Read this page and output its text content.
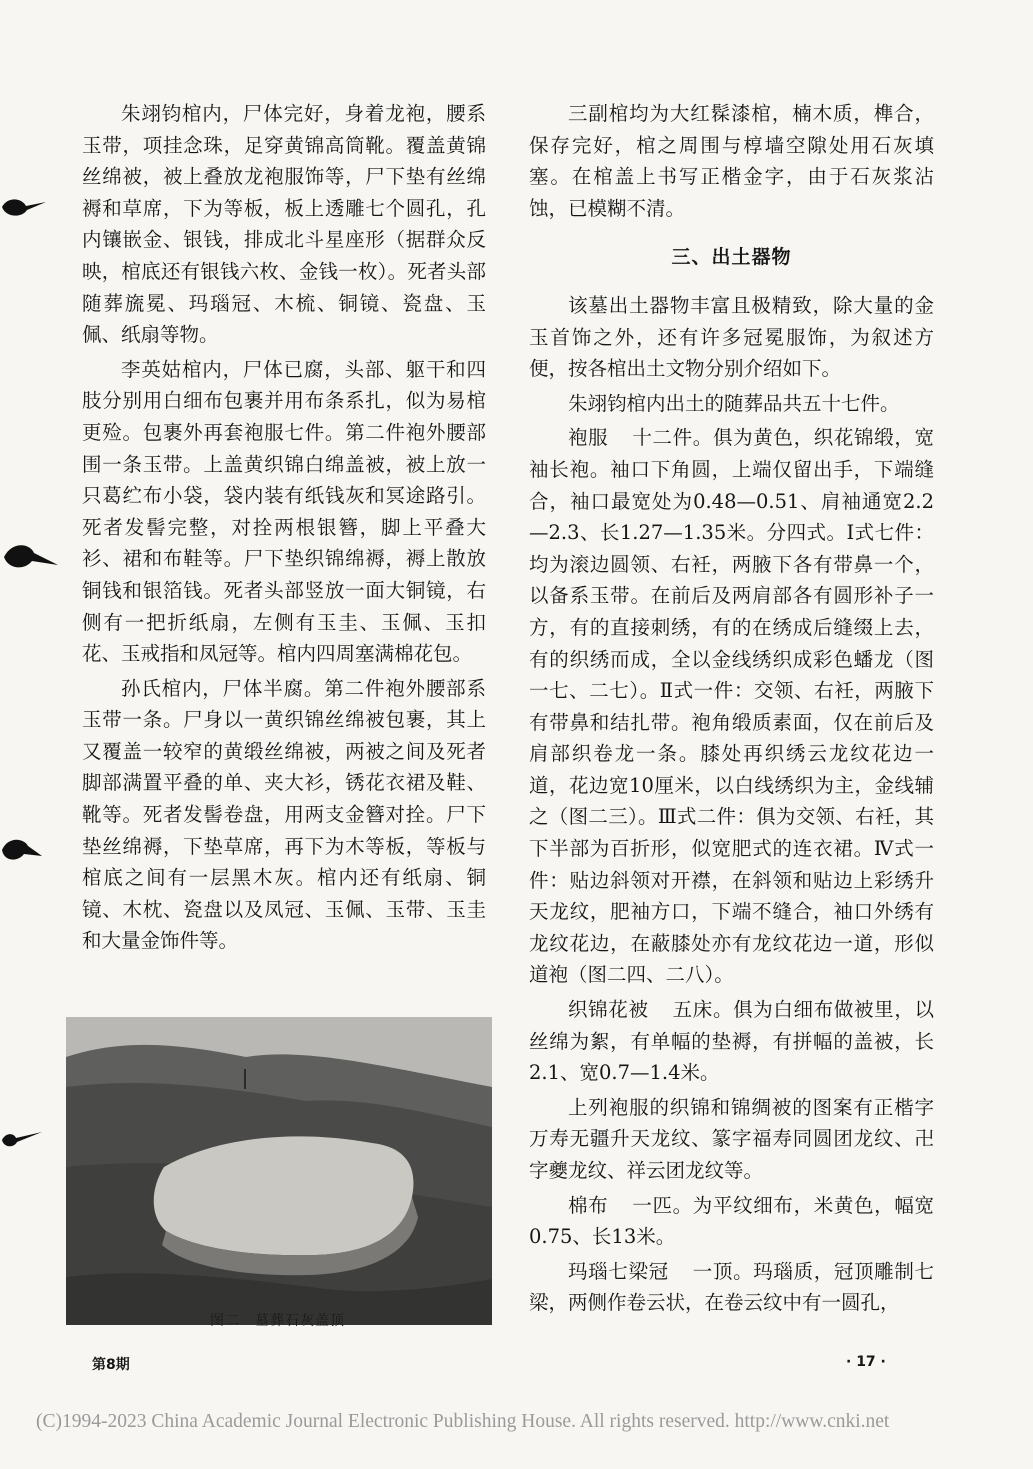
朱翊钧棺内，尸体完好，身着龙袍，腰系玉带，项挂念珠，足穿黄锦高筒靴。覆盖黄锦丝绵被，被上叠放龙袍服饰等，尸下垫有丝绵褥和草席，下为等板，板上透雕七个圆孔，孔内镶嵌金、银钱，排成北斗星座形（据群众反映，棺底还有银钱六枚、金钱一枚）。死者头部随葬旒冕、玛瑙冠、木梳、铜镜、瓷盘、玉佩、纸扇等物。

李英姑棺内，尸体已腐，头部、躯干和四肢分别用白细布包裹并用布条系扎，似为易棺更殓。包裹外再套袍服七件。第二件袍外腰部围一条玉带。上盖黄织锦白绵盖被，被上放一只葛纻布小袋，袋内装有纸钱灰和冥途路引。死者发髻完整，对拴两根银簪，脚上平叠大衫、裙和布鞋等。尸下垫织锦绵褥，褥上散放铜钱和银箔钱。死者头部竖放一面大铜镜，右侧有一把折纸扇，左侧有玉圭、玉佩、玉扣花、玉戒指和凤冠等。棺内四周塞满棉花包。

孙氏棺内，尸体半腐。第二件袍外腰部系玉带一条。尸身以一黄织锦丝绵被包裹，其上又覆盖一较窄的黄缎丝绵被，两被之间及死者脚部满置平叠的单、夹大衫，锈花衣裙及鞋、靴等。死者发髻卷盘，用两支金簪对拴。尸下垫丝绵褥，下垫草席，再下为木等板，等板与棺底之间有一层黑木灰。棺内还有纸扇、铜镜、木枕、瓷盘以及凤冠、玉佩、玉带、玉圭和大量金饰件等。

三副棺均为大红髹漆棺，楠木质，榫合，保存完好，棺之周围与椁墙空隙处用石灰填塞。在棺盖上书写正楷金字，由于石灰浆沾蚀，已模糊不清。

三、出土器物

该墓出土器物丰富且极精致，除大量的金玉首饰之外，还有许多冠冕服饰，为叙述方便，按各棺出土文物分别介绍如下。

朱翊钧棺内出土的随葬品共五十七件。

袍服 十二件。俱为黄色，织花锦缎，宽袖长袍。袖口下角圆，上端仅留出手，下端缝合，袖口最宽处为0.48—0.51、肩袖通宽2.2—2.3、长1.27—1.35米。分四式。Ⅰ式七件：均为滚边圆领、右衽，两腋下各有带鼻一个，以备系玉带。在前后及两肩部各有圆形补子一方，有的直接刺绣，有的在绣成后缝缀上去，有的织绣而成，全以金线绣织成彩色蟠龙（图一七、二七）。Ⅱ式一件：交领、右衽，两腋下有带鼻和结扎带。袍角缎质素面，仅在前后及肩部织卷龙一条。膝处再织绣云龙纹花边一道，花边宽10厘米，以白线绣织为主，金线辅之（图二三）。Ⅲ式二件：俱为交领、右衽，其下半部为百折形，似宽肥式的连衣裙。Ⅳ式一件：贴边斜领对开襟，在斜领和贴边上彩绣升天龙纹，肥袖方口，下端不缝合，袖口外绣有龙纹花边，在蔽膝处亦有龙纹花边一道，形似道袍（图二四、二八）。

织锦花被 五床。俱为白细布做被里，以丝绵为絮，有单幅的垫褥，有拼幅的盖被，长2.1、宽0.7—1.4米。

上列袍服的织锦和锦绸被的图案有正楷字万寿无疆升天龙纹、篆字福寿同圆团龙纹、卍字夔龙纹、祥云团龙纹等。

棉布 一匹。为平纹细布，米黄色，幅宽0.75、长13米。

玛瑙七梁冠 一顶。玛瑙质，冠顶雕制七梁，两侧作卷云状，在卷云纹中有一圆孔，

图二　墓葬石灰盖顶
第8期	· 17 ·
(C)1994-2023 China Academic Journal Electronic Publishing House. All rights reserved. http://www.cnki.net
